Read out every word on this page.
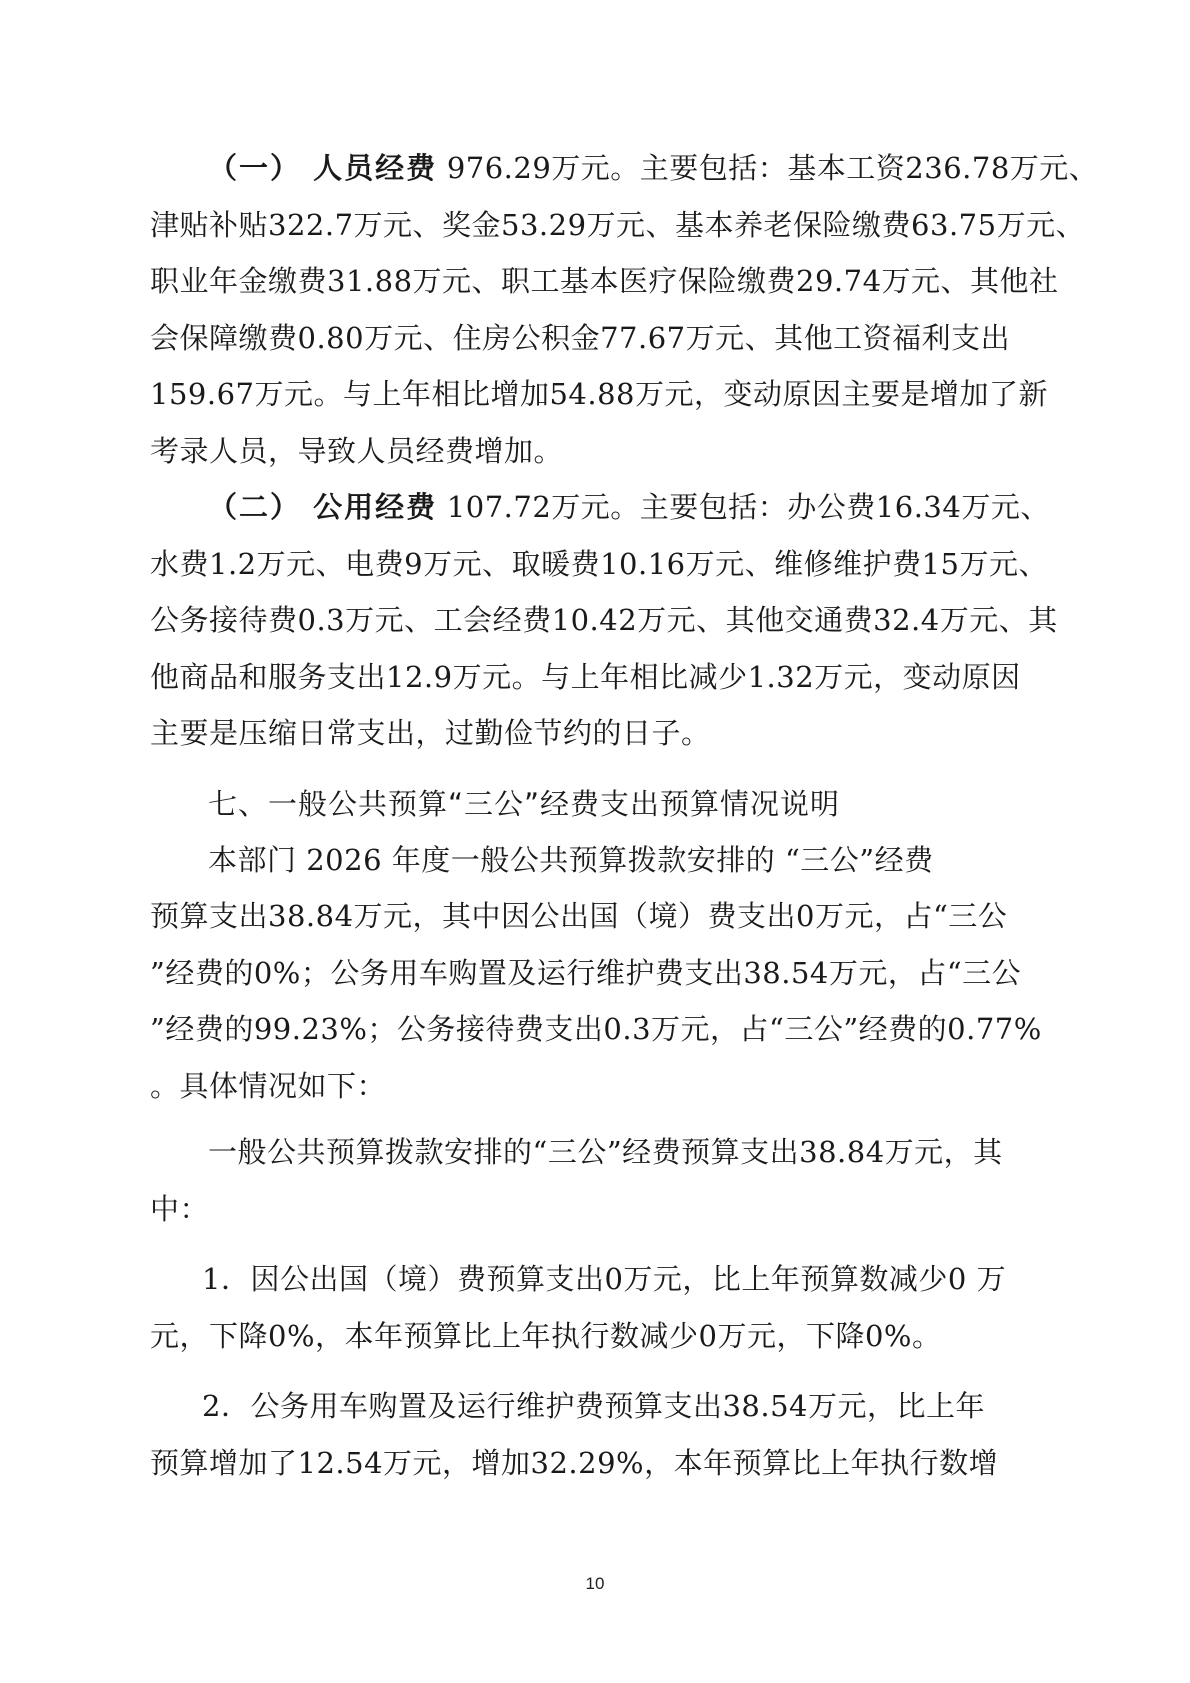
（一） 人员经费 976.29万元。主要包括：基本工资236.78万元、
津贴补贴322.7万元、奖金53.29万元、基本养老保险缴费63.75万元、
职业年金缴费31.88万元、职工基本医疗保险缴费29.74万元、其他社
会保障缴费0.80万元、住房公积金77.67万元、其他工资福利支出
159.67万元。与上年相比增加54.88万元，变动原因主要是增加了新
考录人员，导致人员经费增加。

（二） 公用经费 107.72万元。主要包括：办公费16.34万元、
水费1.2万元、电费9万元、取暖费10.16万元、维修维护费15万元、
公务接待费0.3万元、工会经费10.42万元、其他交通费32.4万元、其
他商品和服务支出12.9万元。与上年相比减少1.32万元，变动原因
主要是压缩日常支出，过勤俭节约的日子。

七、一般公共预算“三公”经费支出预算情况说明

本部门 2026 年度一般公共预算拨款安排的 “三公”经费
预算支出38.84万元，其中因公出国（境）费支出0万元，占“三公
”经费的0%；公务用车购置及运行维护费支出38.54万元，占“三公
”经费的99.23%；公务接待费支出0.3万元，占“三公”经费的0.77%
。具体情况如下：

一般公共预算拨款安排的“三公”经费预算支出38.84万元，其
中：

1．因公出国（境）费预算支出0万元，比上年预算数减少0 万
元，下降0%，本年预算比上年执行数减少0万元，下降0%。

2．公务用车购置及运行维护费预算支出38.54万元，比上年
预算增加了12.54万元，增加32.29%，本年预算比上年执行数增

10
